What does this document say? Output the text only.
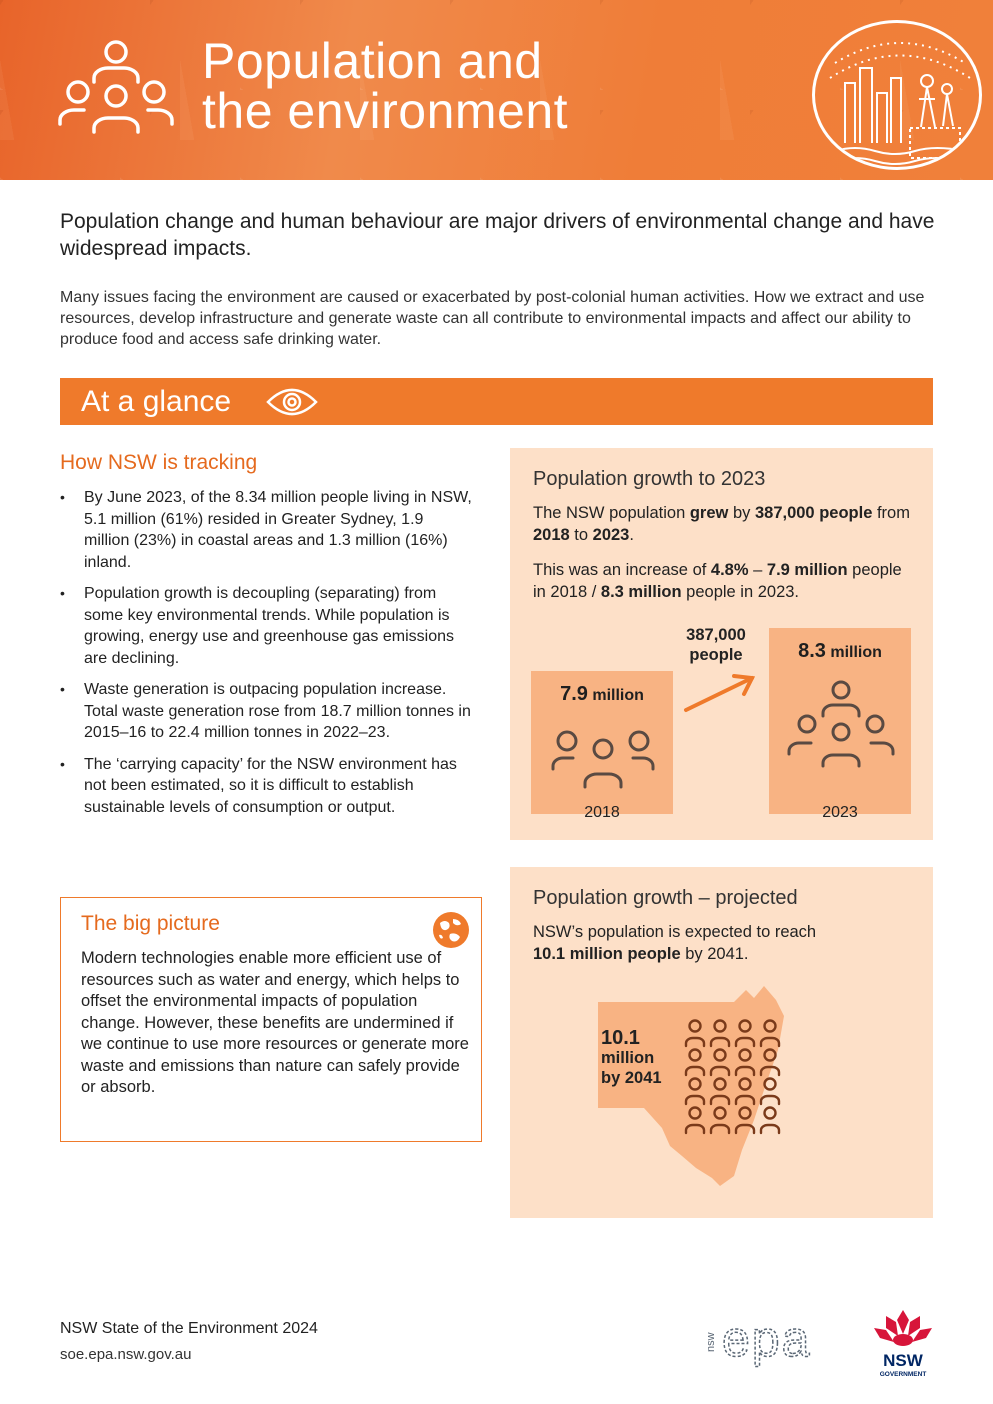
Population and
the environment

Population change and human behaviour are major drivers of environmental change and have widespread impacts.

Many issues facing the environment are caused or exacerbated by post-colonial human activities. How we extract and use resources, develop infrastructure and generate waste can all contribute to environmental impacts and affect our ability to produce food and access safe drinking water.

At a glance
How NSW is tracking
• By June 2023, of the 8.34 million people living in NSW, 5.1 million (61%) resided in Greater Sydney, 1.9 million (23%) in coastal areas and 1.3 million (16%) inland.
• Population growth is decoupling (separating) from some key environmental trends. While population is growing, energy use and greenhouse gas emissions are declining.
• Waste generation is outpacing population increase. Total waste generation rose from 18.7 million tonnes in 2015–16 to 22.4 million tonnes in 2022–23.
• The ‘carrying capacity’ for the NSW environment has not been estimated, so it is difficult to establish sustainable levels of consumption or output.
The big picture

Modern technologies enable more efficient use of resources such as water and energy, which helps to offset the environmental impacts of population change. However, these benefits are undermined if we continue to use more resources or generate more waste and emissions than nature can safely provide or absorb.

Population growth to 2023

The NSW population grew by 387,000 people from 2018 to 2023.

This was an increase of 4.8% – 7.9 million people in 2018 / 8.3 million people in 2023.

387,000
people
7.9 million
8.3 million
2018	2023
Population growth – projected

NSW’s population is expected to reach
10.1 million people by 2041.

10.1
million
by 2041
NSW State of the Environment 2024
soe.epa.nsw.gov.au
nsw epa	NSW
GOVERNMENT
